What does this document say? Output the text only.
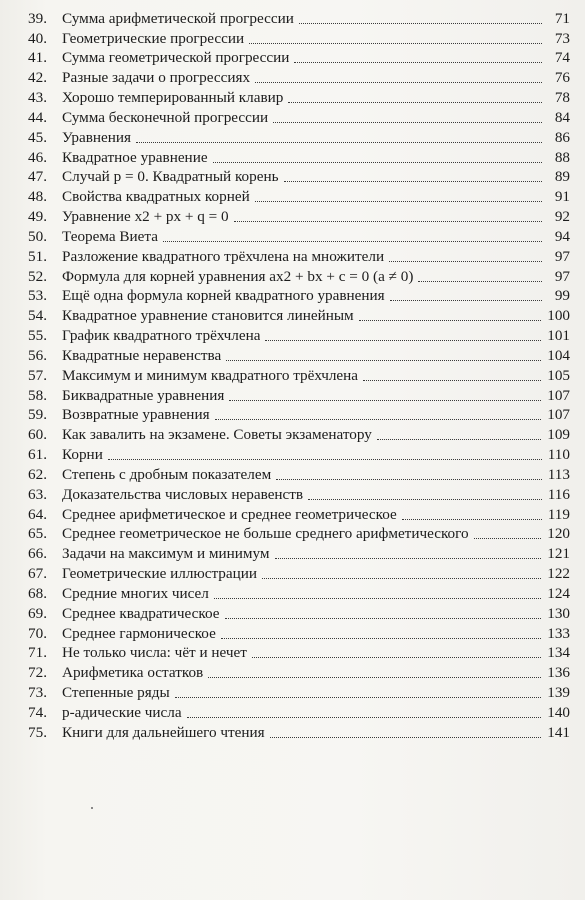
39. Сумма арифметической прогрессии	71
40. Геометрические прогрессии	73
41. Сумма геометрической прогрессии	74
42. Разные задачи о прогрессиях	76
43. Хорошо темперированный клавир	78
44. Сумма бесконечной прогрессии	84
45. Уравнения	86
46. Квадратное уравнение	88
47. Случай p = 0. Квадратный корень	89
48. Свойства квадратных корней	91
49. Уравнение x2 + px + q = 0	92
50. Теорема Виета	94
51. Разложение квадратного трёхчлена на множители	97
52. Формула для корней уравнения ax2 + bx + c = 0 (a ≠ 0)	97
53. Ещё одна формула корней квадратного уравнения	99
54. Квадратное уравнение становится линейным	100
55. График квадратного трёхчлена	101
56. Квадратные неравенства	104
57. Максимум и минимум квадратного трёхчлена	105
58. Биквадратные уравнения	107
59. Возвратные уравнения	107
60. Как завалить на экзамене. Советы экзаменатору	109
61. Корни	110
62. Степень с дробным показателем	113
63. Доказательства числовых неравенств	116
64. Среднее арифметическое и среднее геометрическое	119
65. Среднее геометрическое не больше среднего арифметического	120
66. Задачи на максимум и минимум	121
67. Геометрические иллюстрации	122
68. Средние многих чисел	124
69. Среднее квадратическое	130
70. Среднее гармоническое	133
71. Не только числа: чёт и нечет	134
72. Арифметика остатков	136
73. Степенные ряды	139
74. p-адические числа	140
75. Книги для дальнейшего чтения	141
